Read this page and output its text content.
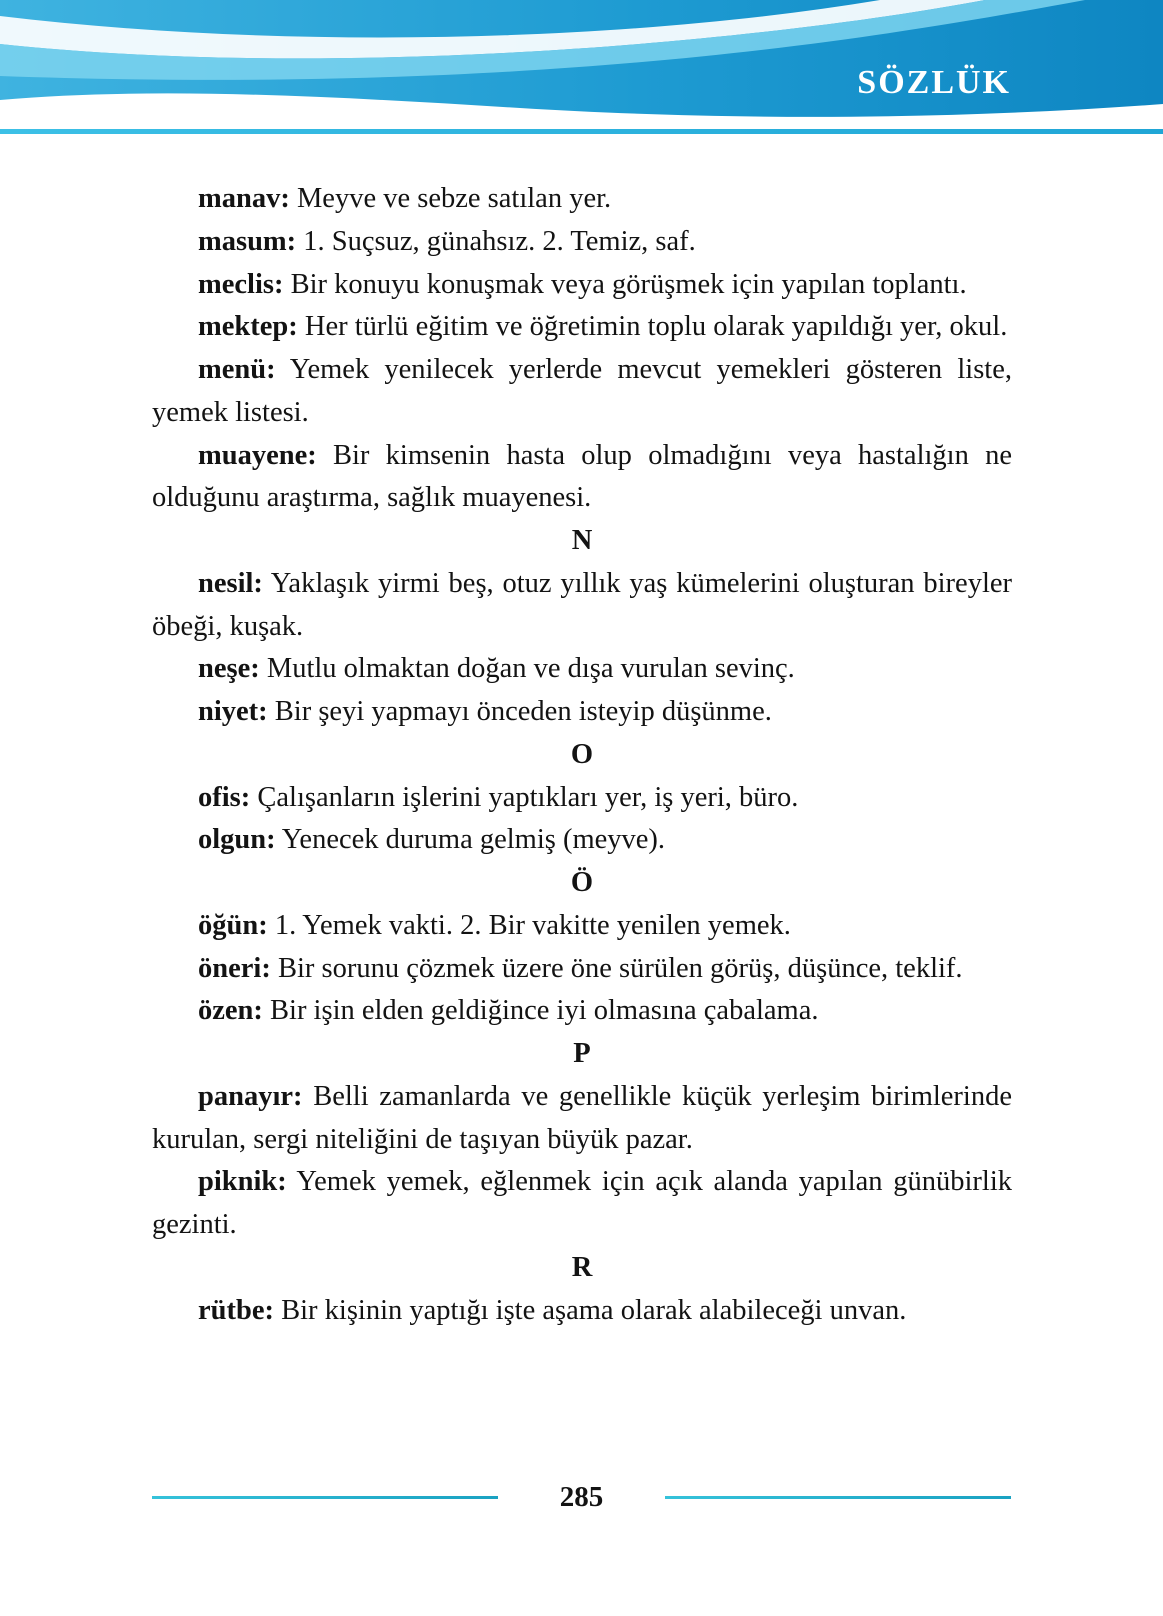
SÖZLÜK

manav: Meyve ve sebze satılan yer.

masum: 1. Suçsuz, günahsız. 2. Temiz, saf.

meclis: Bir konuyu konuşmak veya görüşmek için yapılan toplantı.

mektep: Her türlü eğitim ve öğretimin toplu olarak yapıldığı yer, okul.

menü: Yemek yenilecek yerlerde mevcut yemekleri gösteren liste, yemek listesi.

muayene: Bir kimsenin hasta olup olmadığını veya hastalığın ne olduğunu araştırma, sağlık muayenesi.

N

nesil: Yaklaşık yirmi beş, otuz yıllık yaş kümelerini oluşturan bireyler öbeği, kuşak.

neşe: Mutlu olmaktan doğan ve dışa vurulan sevinç.

niyet: Bir şeyi yapmayı önceden isteyip düşünme.

O

ofis: Çalışanların işlerini yaptıkları yer, iş yeri, büro.

olgun: Yenecek duruma gelmiş (meyve).

Ö

öğün: 1. Yemek vakti. 2. Bir vakitte yenilen yemek.

öneri: Bir sorunu çözmek üzere öne sürülen görüş, düşünce, teklif.

özen: Bir işin elden geldiğince iyi olmasına çabalama.

P

panayır: Belli zamanlarda ve genellikle küçük yerleşim birimlerinde kurulan, sergi niteliğini de taşıyan büyük pazar.

piknik: Yemek yemek, eğlenmek için açık alanda yapılan günübirlik gezinti.

R

rütbe: Bir kişinin yaptığı işte aşama olarak alabileceği unvan.

285
